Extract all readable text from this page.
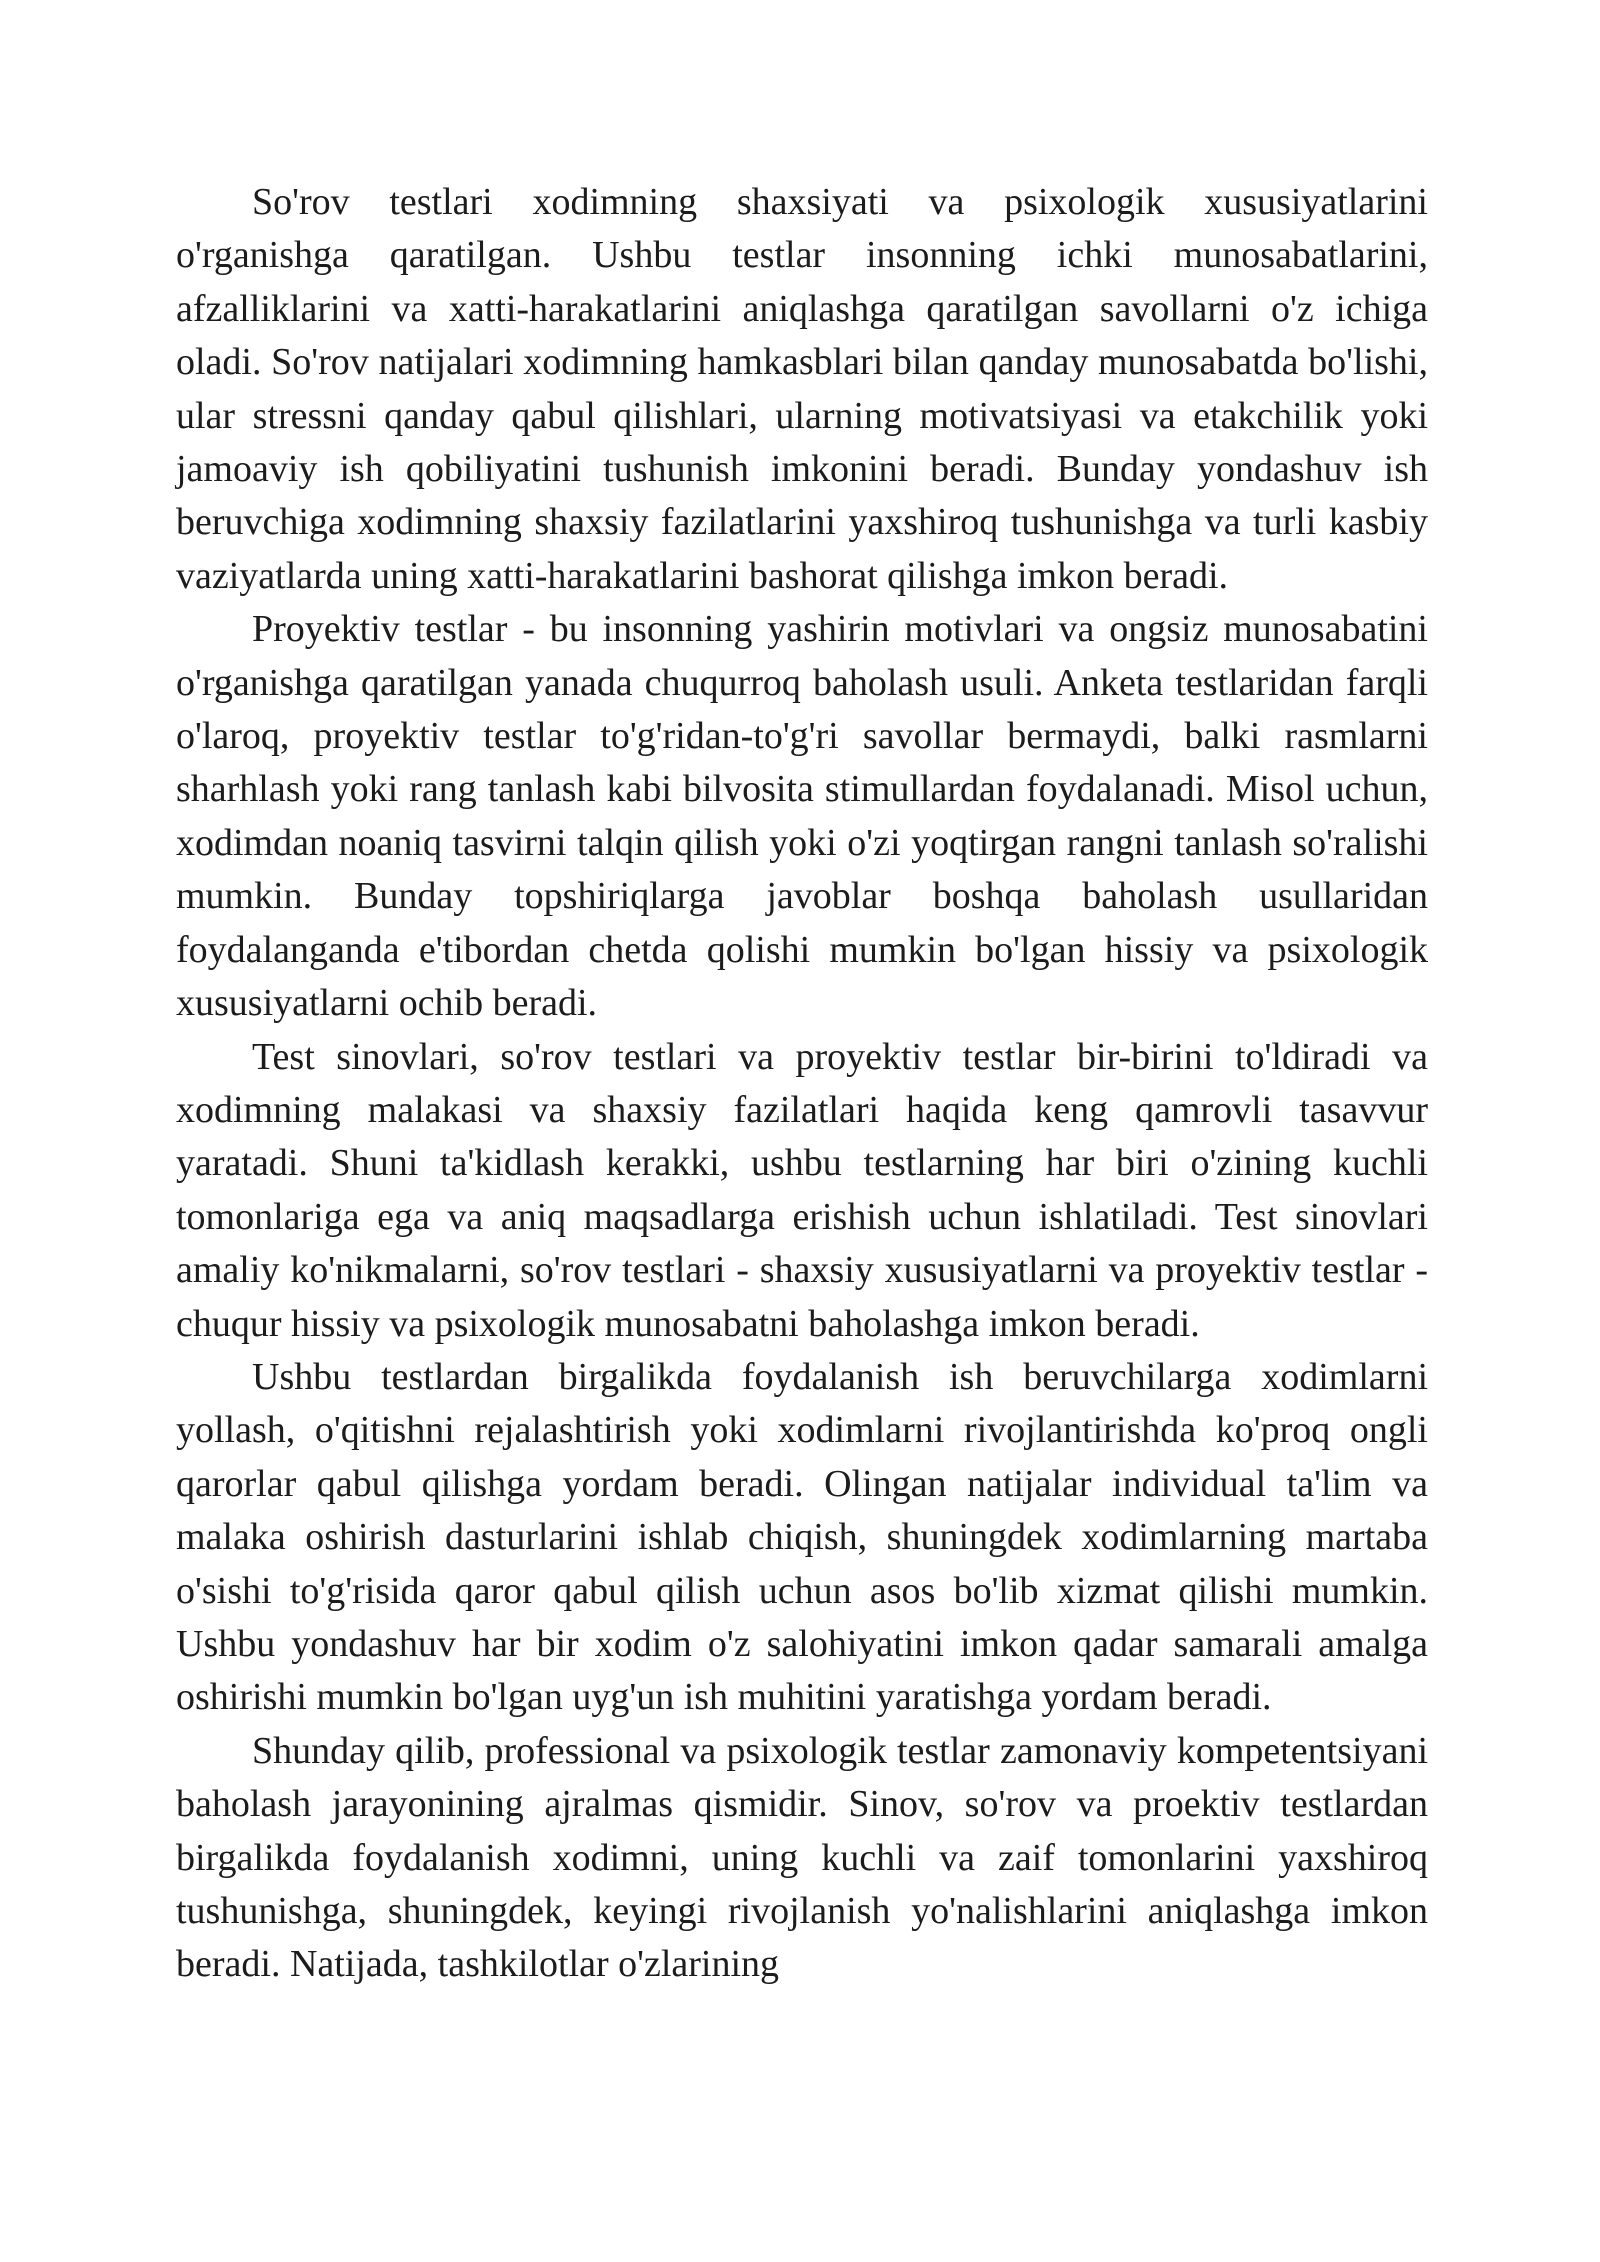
So'rov testlari xodimning shaxsiyati va psixologik xususiyatlarini o'rganishga qaratilgan. Ushbu testlar insonning ichki munosabatlarini, afzalliklarini va xatti-harakatlarini aniqlashga qaratilgan savollarni o'z ichiga oladi. So'rov natijalari xodimning hamkasblari bilan qanday munosabatda bo'lishi, ular stressni qanday qabul qilishlari, ularning motivatsiyasi va etakchilik yoki jamoaviy ish qobiliyatini tushunish imkonini beradi. Bunday yondashuv ish beruvchiga xodimning shaxsiy fazilatlarini yaxshiroq tushunishga va turli kasbiy vaziyatlarda uning xatti-harakatlarini bashorat qilishga imkon beradi.

Proyektiv testlar - bu insonning yashirin motivlari va ongsiz munosabatini o'rganishga qaratilgan yanada chuqurroq baholash usuli. Anketa testlaridan farqli o'laroq, proyektiv testlar to'g'ridan-to'g'ri savollar bermaydi, balki rasmlarni sharhlash yoki rang tanlash kabi bilvosita stimullardan foydalanadi. Misol uchun, xodimdan noaniq tasvirni talqin qilish yoki o'zi yoqtirgan rangni tanlash so'ralishi mumkin. Bunday topshiriqlarga javoblar boshqa baholash usullaridan foydalanganda e'tibordan chetda qolishi mumkin bo'lgan hissiy va psixologik xususiyatlarni ochib beradi.

Test sinovlari, so'rov testlari va proyektiv testlar bir-birini to'ldiradi va xodimning malakasi va shaxsiy fazilatlari haqida keng qamrovli tasavvur yaratadi. Shuni ta'kidlash kerakki, ushbu testlarning har biri o'zining kuchli tomonlariga ega va aniq maqsadlarga erishish uchun ishlatiladi. Test sinovlari amaliy ko'nikmalarni, so'rov testlari - shaxsiy xususiyatlarni va proyektiv testlar - chuqur hissiy va psixologik munosabatni baholashga imkon beradi.

Ushbu testlardan birgalikda foydalanish ish beruvchilarga xodimlarni yollash, o'qitishni rejalashtirish yoki xodimlarni rivojlantirishda ko'proq ongli qarorlar qabul qilishga yordam beradi. Olingan natijalar individual ta'lim va malaka oshirish dasturlarini ishlab chiqish, shuningdek xodimlarning martaba o'sishi to'g'risida qaror qabul qilish uchun asos bo'lib xizmat qilishi mumkin. Ushbu yondashuv har bir xodim o'z salohiyatini imkon qadar samarali amalga oshirishi mumkin bo'lgan uyg'un ish muhitini yaratishga yordam beradi.

Shunday qilib, professional va psixologik testlar zamonaviy kompetentsiyani baholash jarayonining ajralmas qismidir. Sinov, so'rov va proektiv testlardan birgalikda foydalanish xodimni, uning kuchli va zaif tomonlarini yaxshiroq tushunishga, shuningdek, keyingi rivojlanish yo'nalishlarini aniqlashga imkon beradi. Natijada, tashkilotlar o'zlarining
